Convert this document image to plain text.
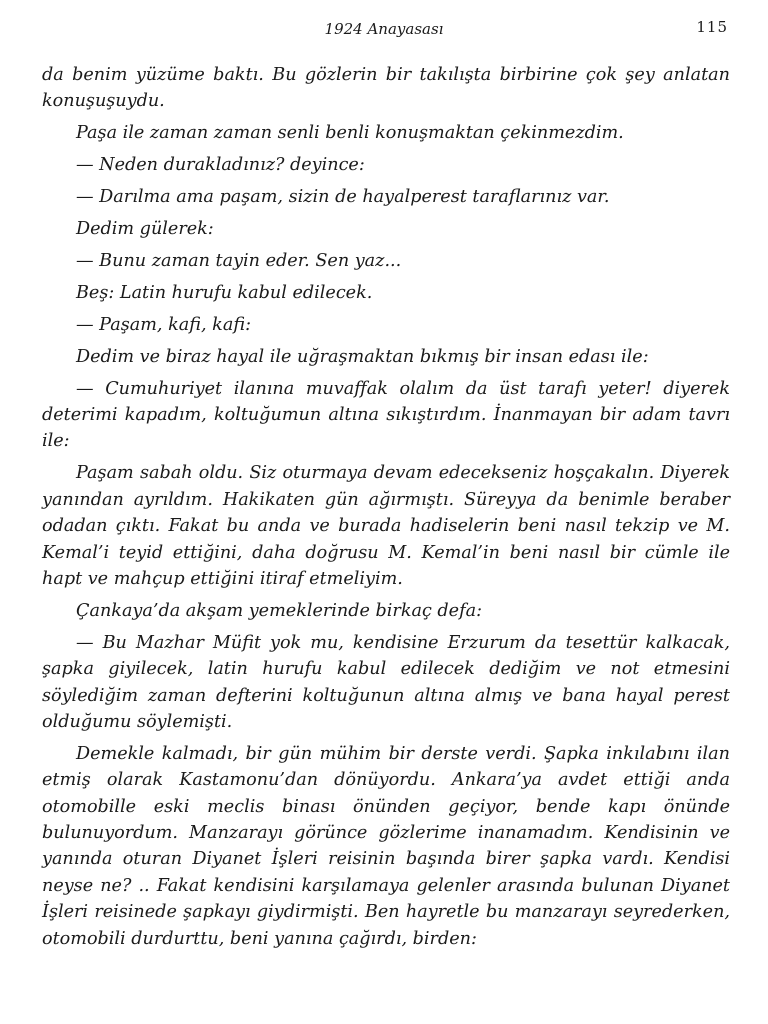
1924 Anayasası	115

da benim yüzüme baktı. Bu gözlerin bir takılışta birbirine çok şey anlatan konuşuşuydu.

Paşa ile zaman zaman senli benli konuşmaktan çekinmezdim.

— Neden durakladınız? deyince:

— Darılma ama paşam, sizin de hayalperest taraflarınız var.

Dedim gülerek:

— Bunu zaman tayin eder. Sen yaz...

Beş: Latin hurufu kabul edilecek.

— Paşam, kafi, kafi:

Dedim ve biraz hayal ile uğraşmaktan bıkmış bir insan edası ile:

— Cumuhuriyet ilanına muvaffak olalım da üst tarafı yeter! diyerek deterimi kapadım, koltuğumun altına sıkıştırdım. İnanmayan bir adam tavrı ile:

Paşam sabah oldu. Siz oturmaya devam edecekseniz hoşçakalın. Diyerek yanından ayrıldım. Hakikaten gün ağırmıştı. Süreyya da benimle beraber odadan çıktı. Fakat bu anda ve burada hadiselerin beni nasıl tekzip ve M. Kemal’i teyid ettiğini, daha doğrusu M. Kemal’in beni nasıl bir cümle ile hapt ve mahçup ettiğini itiraf etmeliyim.

Çankaya’da akşam yemeklerinde birkaç defa:

— Bu Mazhar Müfit yok mu, kendisine Erzurum da tesettür kalkacak, şapka giyilecek, latin hurufu kabul edilecek dediğim ve not etmesini söylediğim zaman defterini koltuğunun altına almış ve bana hayal perest olduğumu söylemişti.

Demekle kalmadı, bir gün mühim bir derste verdi. Şapka inkılabını ilan etmiş olarak Kastamonu’dan dönüyordu. Ankara’ya avdet ettiği anda otomobille eski meclis binası önünden geçiyor, bende kapı önünde bulunuyordum. Manzarayı görünce gözlerime inanamadım. Kendisinin ve yanında oturan Diyanet İşleri reisinin başında birer şapka vardı. Kendisi neyse ne? .. Fakat kendisini karşılamaya gelenler arasında bulunan Diyanet İşleri reisinede şapkayı giydirmişti. Ben hayretle bu manzarayı seyrederken, otomobili durdurttu, beni yanına çağırdı, birden:
